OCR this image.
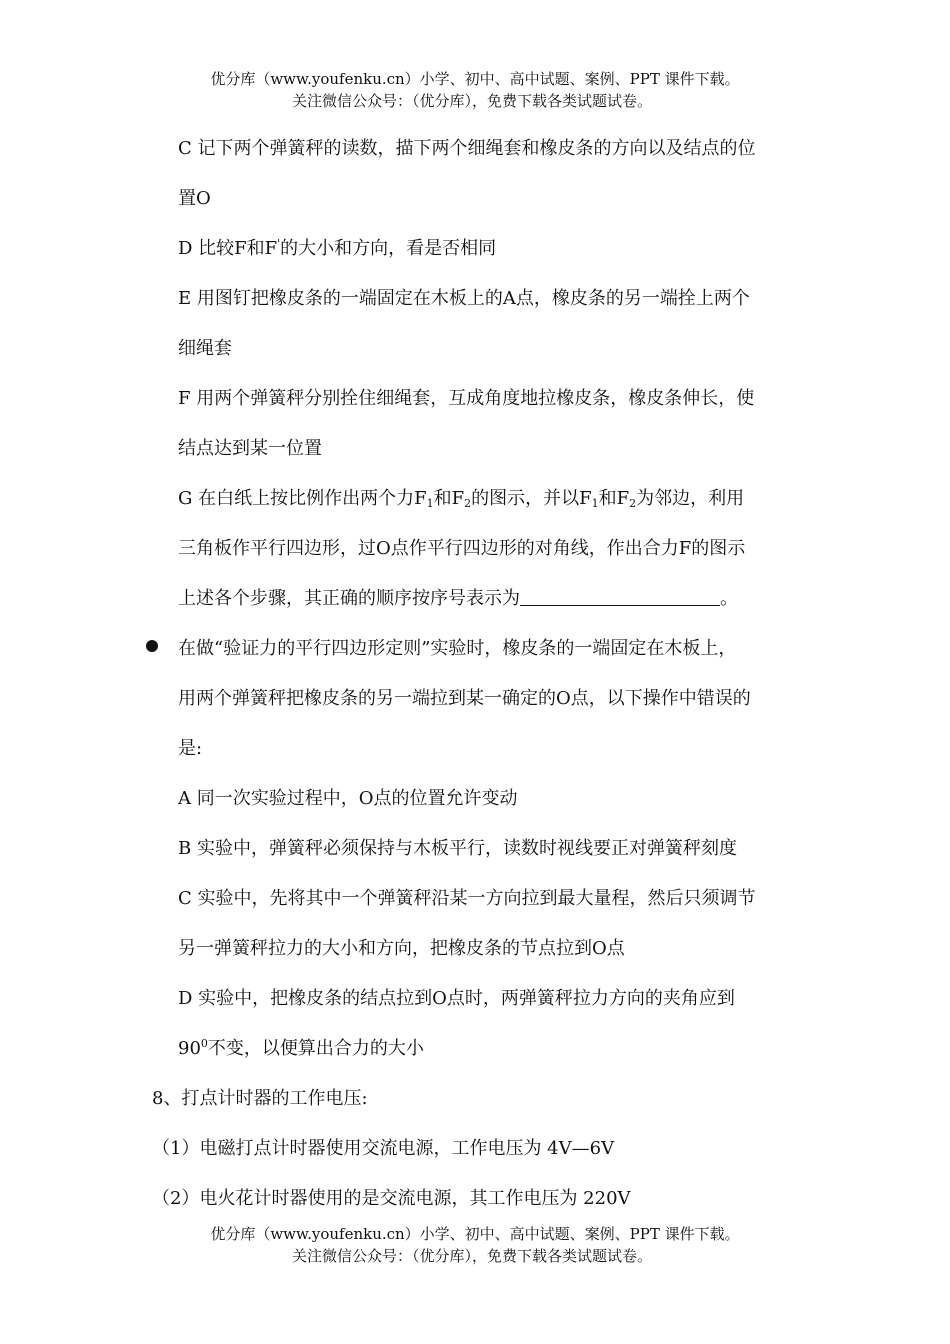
优分库（www.youfenku.cn）小学、初中、高中试题、案例、PPT 课件下载。
关注微信公众号：（优分库），免费下载各类试题试卷。
C 记下两个弹簧秤的读数，描下两个细绳套和橡皮条的方向以及结点的位
置O
D 比较F和F'的大小和方向，看是否相同
E 用图钉把橡皮条的一端固定在木板上的A点，橡皮条的另一端拴上两个
细绳套
F 用两个弹簧秤分别拴住细绳套，互成角度地拉橡皮条，橡皮条伸长，使
结点达到某一位置
G 在白纸上按比例作出两个力$F_1$和$F_2$的图示，并以$F_1$和$F_2$为邻边，利用
三角板作平行四边形，过O点作平行四边形的对角线，作出合力F的图示
上述各个步骤，其正确的顺序按序号表示为	。
在做“验证力的平行四边形定则”实验时，橡皮条的一端固定在木板上，
用两个弹簧秤把橡皮条的另一端拉到某一确定的O点，以下操作中错误的
是:
A 同一次实验过程中，O点的位置允许变动
B 实验中，弹簧秤必须保持与木板平行，读数时视线要正对弹簧秤刻度
C 实验中，先将其中一个弹簧秤沿某一方向拉到最大量程，然后只须调节
另一弹簧秤拉力的大小和方向，把橡皮条的节点拉到O点
D 实验中，把橡皮条的结点拉到O点时，两弹簧秤拉力方向的夹角应到
$90^0$不变，以便算出合力的大小
8、打点计时器的工作电压:
（1）电磁打点计时器使用交流电源，工作电压为 4V—6V
（2）电火花计时器使用的是交流电源，其工作电压为 220V
优分库（www.youfenku.cn）小学、初中、高中试题、案例、PPT 课件下载。
关注微信公众号：（优分库），免费下载各类试题试卷。
